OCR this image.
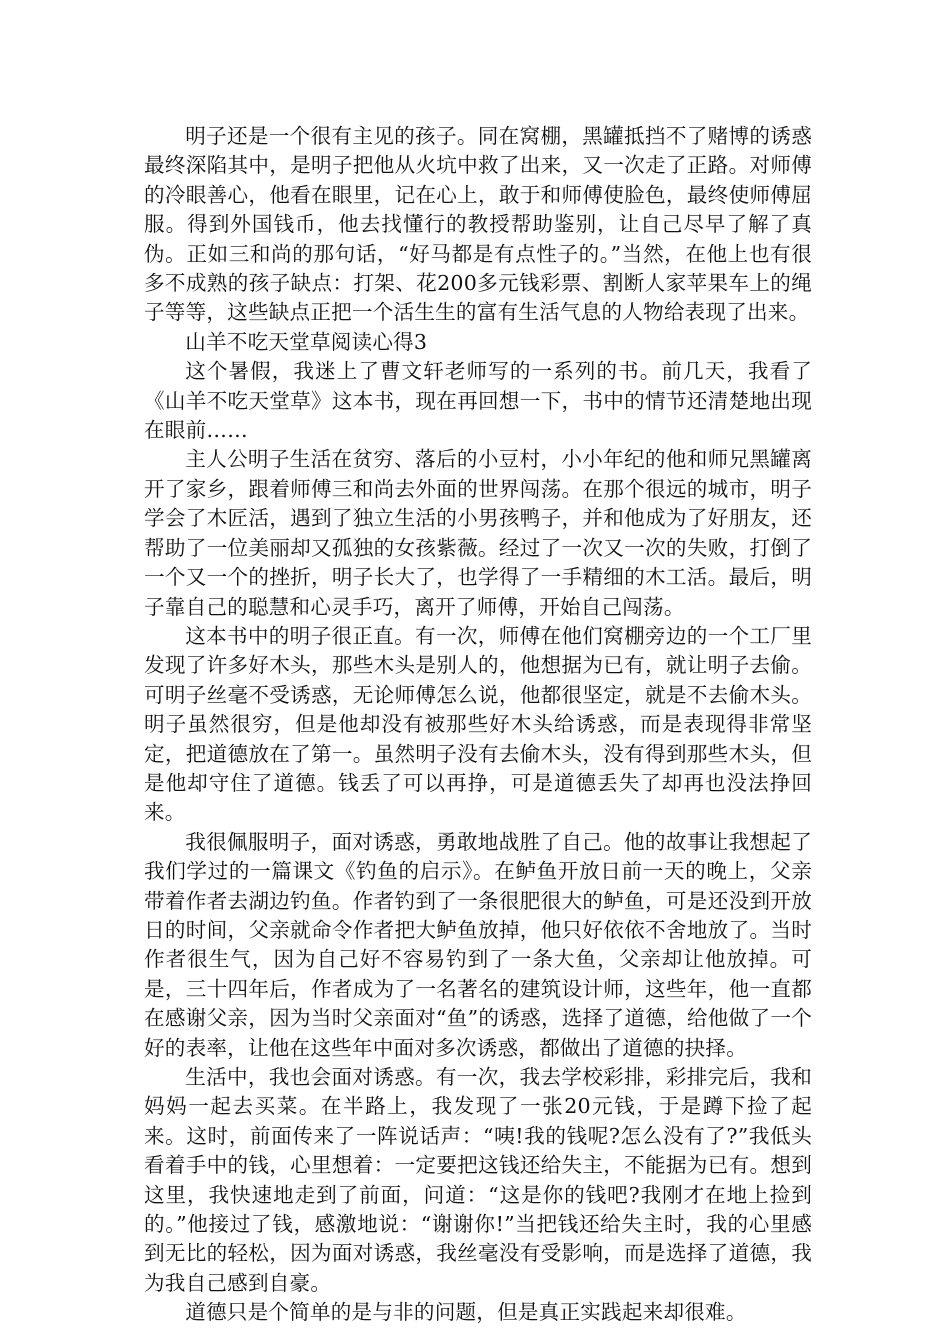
明子还是一个很有主见的孩子。同在窝棚，黑罐抵挡不了赌博的诱惑最终深陷其中，是明子把他从火坑中救了出来，又一次走了正路。对师傅的冷眼善心，他看在眼里，记在心上，敢于和师傅使脸色，最终使师傅屈服。得到外国钱币，他去找懂行的教授帮助鉴别，让自己尽早了解了真伪。正如三和尚的那句话，“好马都是有点性子的。”当然，在他上也有很多不成熟的孩子缺点：打架、花200多元钱彩票、割断人家苹果车上的绳子等等，这些缺点正把一个活生生的富有生活气息的人物给表现了出来。

山羊不吃天堂草阅读心得3

这个暑假，我迷上了曹文轩老师写的一系列的书。前几天，我看了《山羊不吃天堂草》这本书，现在再回想一下，书中的情节还清楚地出现在眼前……

主人公明子生活在贫穷、落后的小豆村，小小年纪的他和师兄黑罐离开了家乡，跟着师傅三和尚去外面的世界闯荡。在那个很远的城市，明子学会了木匠活，遇到了独立生活的小男孩鸭子，并和他成为了好朋友，还帮助了一位美丽却又孤独的女孩紫薇。经过了一次又一次的失败，打倒了一个又一个的挫折，明子长大了，也学得了一手精细的木工活。最后，明子靠自己的聪慧和心灵手巧，离开了师傅，开始自己闯荡。

这本书中的明子很正直。有一次，师傅在他们窝棚旁边的一个工厂里发现了许多好木头，那些木头是别人的，他想据为已有，就让明子去偷。可明子丝毫不受诱惑，无论师傅怎么说，他都很坚定，就是不去偷木头。明子虽然很穷，但是他却没有被那些好木头给诱惑，而是表现得非常坚定，把道德放在了第一。虽然明子没有去偷木头，没有得到那些木头，但是他却守住了道德。钱丢了可以再挣，可是道德丢失了却再也没法挣回来。

我很佩服明子，面对诱惑，勇敢地战胜了自己。他的故事让我想起了我们学过的一篇课文《钓鱼的启示》。在鲈鱼开放日前一天的晚上，父亲带着作者去湖边钓鱼。作者钓到了一条很肥很大的鲈鱼，可是还没到开放日的时间，父亲就命令作者把大鲈鱼放掉，他只好依依不舍地放了。当时作者很生气，因为自己好不容易钓到了一条大鱼，父亲却让他放掉。可是，三十四年后，作者成为了一名著名的建筑设计师，这些年，他一直都在感谢父亲，因为当时父亲面对“鱼”的诱惑，选择了道德，给他做了一个好的表率，让他在这些年中面对多次诱惑，都做出了道德的抉择。

生活中，我也会面对诱惑。有一次，我去学校彩排，彩排完后，我和妈妈一起去买菜。在半路上，我发现了一张20元钱，于是蹲下捡了起来。这时，前面传来了一阵说话声：“咦!我的钱呢?怎么没有了?”我低头看着手中的钱，心里想着：一定要把这钱还给失主，不能据为已有。想到这里，我快速地走到了前面，问道：“这是你的钱吧?我刚才在地上捡到的。”他接过了钱，感激地说：“谢谢你!”当把钱还给失主时，我的心里感到无比的轻松，因为面对诱惑，我丝毫没有受影响，而是选择了道德，我为我自己感到自豪。

道德只是个简单的是与非的问题，但是真正实践起来却很难。
